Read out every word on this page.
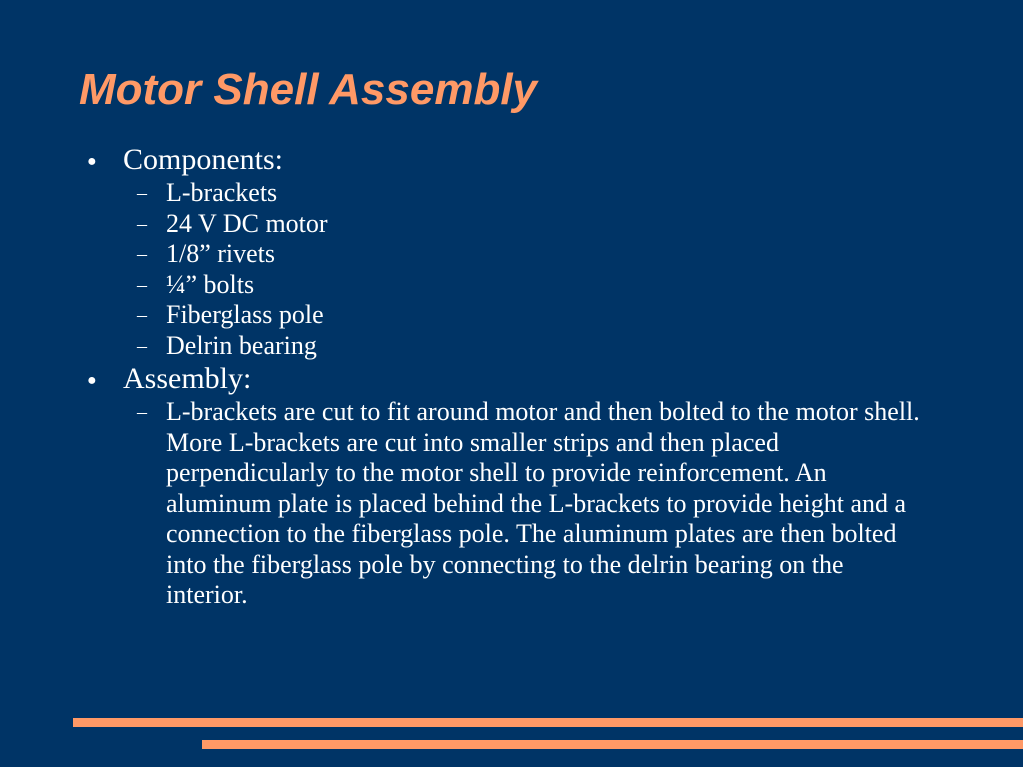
Motor Shell Assembly
● Components:
– L-brackets
– 24 V DC motor
– 1/8” rivets
– ¼” bolts
– Fiberglass pole
– Delrin bearing
● Assembly:
– L-brackets are cut to fit around motor and then bolted to the motor shell. More L-brackets are cut into smaller strips and then placed perpendicularly to the motor shell to provide reinforcement. An aluminum plate is placed behind the L-brackets to provide height and a connection to the fiberglass pole. The aluminum plates are then bolted into the fiberglass pole by connecting to the delrin bearing on the interior.
